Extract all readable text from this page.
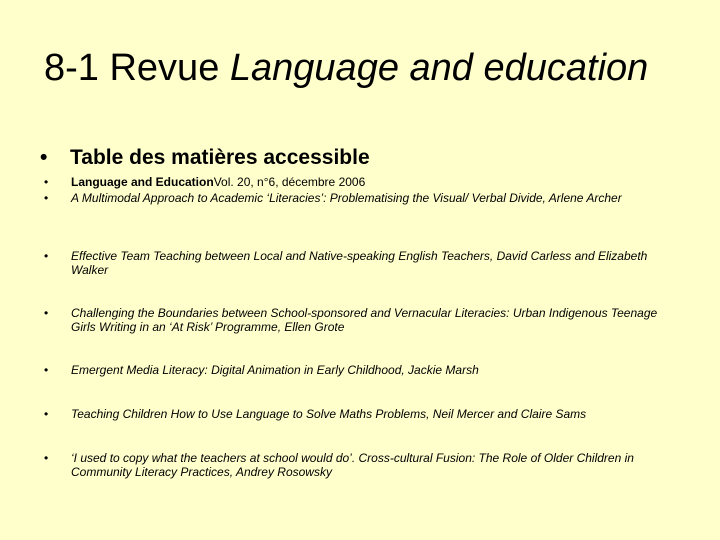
8-1 Revue Language and education
• Table des matières accessible
•	Language and EducationVol. 20, n°6, décembre 2006
•	A Multimodal Approach to Academic ‘Literacies’: Problematising the Visual/ Verbal Divide, Arlene Archer
•	Effective Team Teaching between Local and Native-speaking English Teachers, David Carless and Elizabeth Walker
•	Challenging the Boundaries between School-sponsored and Vernacular Literacies: Urban Indigenous Teenage Girls Writing in an ‘At Risk’ Programme, Ellen Grote
•	Emergent Media Literacy: Digital Animation in Early Childhood, Jackie Marsh
•	Teaching Children How to Use Language to Solve Maths Problems, Neil Mercer and Claire Sams
•	‘I used to copy what the teachers at school would do’. Cross-cultural Fusion: The Role of Older Children in Community Literacy Practices, Andrey Rosowsky
